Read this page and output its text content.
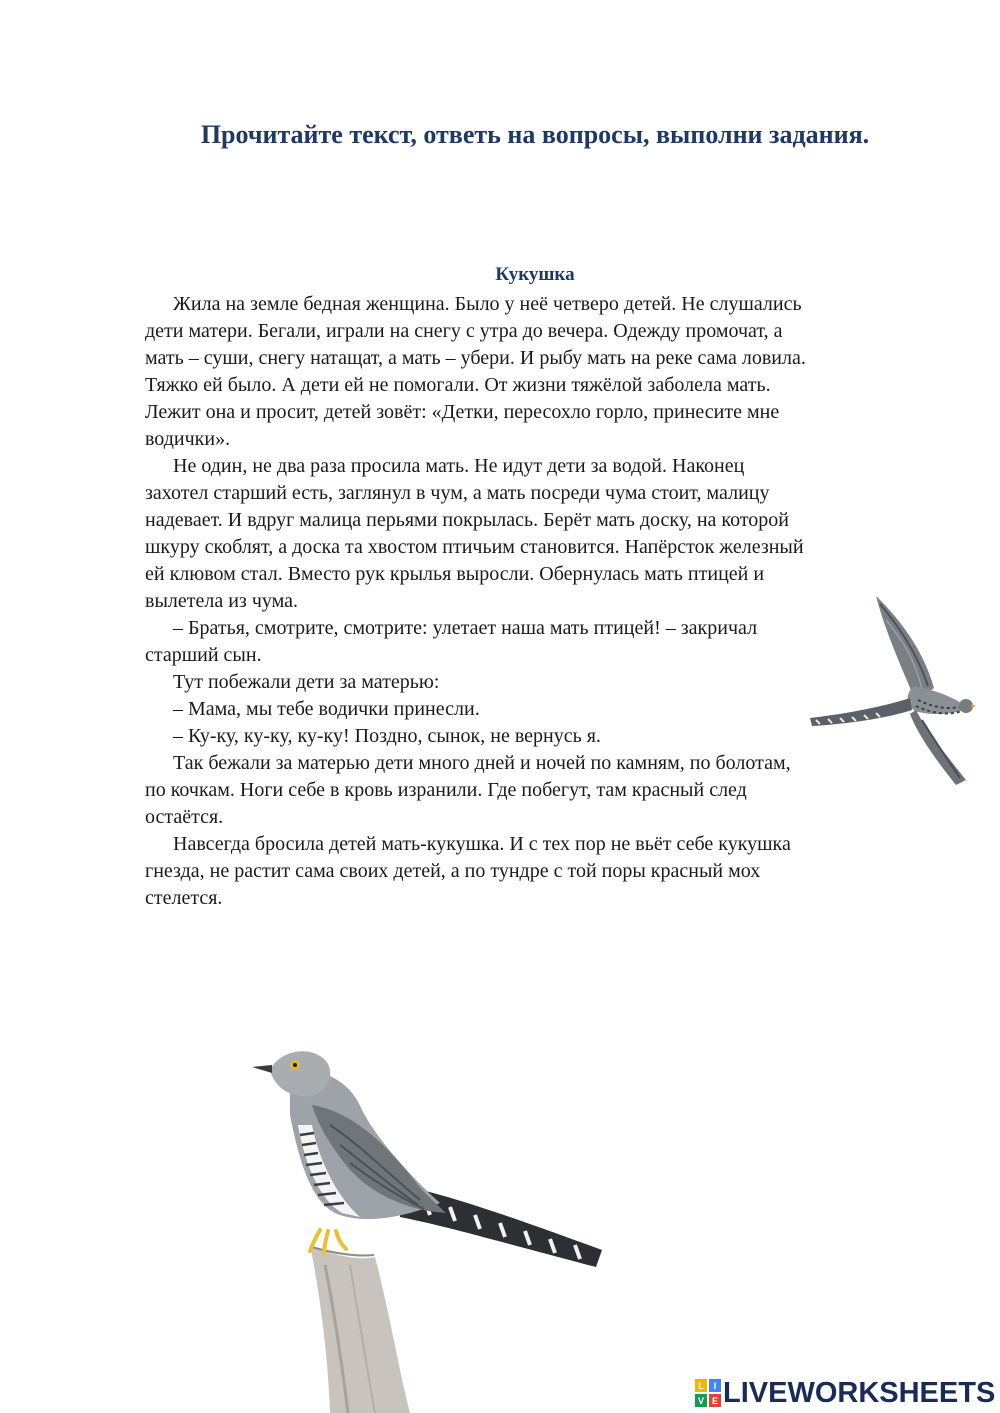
Прочитайте текст, ответь на вопросы, выполни задания.
Кукушка

Жила на земле бедная женщина. Было у неё четверо детей. Не слушались

дети матери. Бегали, играли на снегу с утра до вечера. Одежду промочат, а

мать – суши, снегу натащат, а мать – убери. И рыбу мать на реке сама ловила.

Тяжко ей было. А дети ей не помогали. От жизни тяжёлой заболела мать.

Лежит она и просит, детей зовёт: «Детки, пересохло горло, принесите мне

водички».

Не один, не два раза просила мать. Не идут дети за водой. Наконец

захотел старший есть, заглянул в чум, а мать посреди чума стоит, малицу

надевает. И вдруг малица перьями покрылась. Берёт мать доску, на которой

шкуру скоблят, а доска та хвостом птичьим становится. Напёрсток железный

ей клювом стал. Вместо рук крылья выросли. Обернулась мать птицей и

вылетела из чума.

– Братья, смотрите, смотрите: улетает наша мать птицей! – закричал

старший сын.

Тут побежали дети за матерью:

– Мама, мы тебе водички принесли.

– Ку-ку, ку-ку, ку-ку! Поздно, сынок, не вернусь я.

Так бежали за матерью дети много дней и ночей по камням, по болотам,

по кочкам. Ноги себе в кровь изранили. Где побегут, там красный след

остаётся.

Навсегда бросила детей мать-кукушка. И с тех пор не вьёт себе кукушка

гнезда, не растит сама своих детей, а по тундре с той поры красный мох

стелется.

L I
V E LIVEWORKSHEETS
